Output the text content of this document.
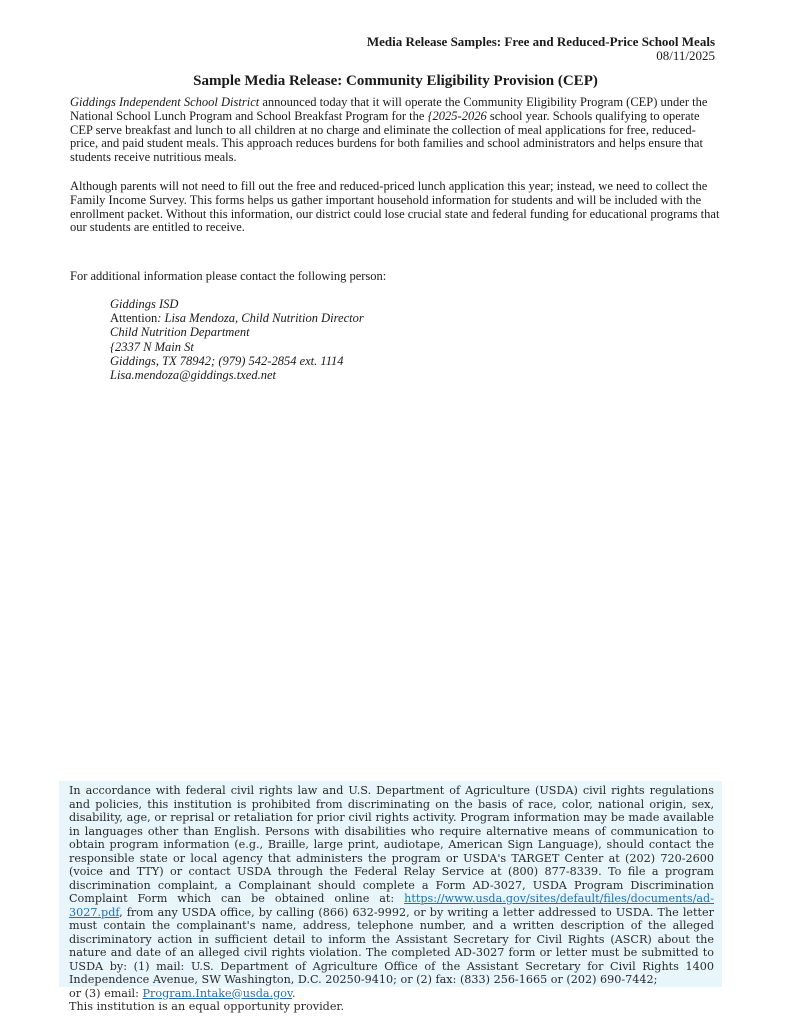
Media Release Samples: Free and Reduced-Price School Meals
08/11/2025
Sample Media Release: Community Eligibility Provision (CEP)
Giddings Independent School District announced today that it will operate the Community Eligibility Program (CEP) under the National School Lunch Program and School Breakfast Program for the {2025-2026 school year. Schools qualifying to operate CEP serve breakfast and lunch to all children at no charge and eliminate the collection of meal applications for free, reduced-price, and paid student meals. This approach reduces burdens for both families and school administrators and helps ensure that students receive nutritious meals.
Although parents will not need to fill out the free and reduced-priced lunch application this year; instead, we need to collect the Family Income Survey. This forms helps us gather important household information for students and will be included with the enrollment packet. Without this information, our district could lose crucial state and federal funding for educational programs that our students are entitled to receive.
For additional information please contact the following person:
Giddings ISD
Attention: Lisa Mendoza, Child Nutrition Director
Child Nutrition Department
{2337 N Main St
Giddings, TX 78942; (979) 542-2854 ext. 1114
Lisa.mendoza@giddings.txed.net
In accordance with federal civil rights law and U.S. Department of Agriculture (USDA) civil rights regulations and policies, this institution is prohibited from discriminating on the basis of race, color, national origin, sex, disability, age, or reprisal or retaliation for prior civil rights activity. Program information may be made available in languages other than English. Persons with disabilities who require alternative means of communication to obtain program information (e.g., Braille, large print, audiotape, American Sign Language), should contact the responsible state or local agency that administers the program or USDA's TARGET Center at (202) 720-2600 (voice and TTY) or contact USDA through the Federal Relay Service at (800) 877-8339. To file a program discrimination complaint, a Complainant should complete a Form AD-3027, USDA Program Discrimination Complaint Form which can be obtained online at: https://www.usda.gov/sites/default/files/documents/ad-3027.pdf, from any USDA office, by calling (866) 632-9992, or by writing a letter addressed to USDA. The letter must contain the complainant's name, address, telephone number, and a written description of the alleged discriminatory action in sufficient detail to inform the Assistant Secretary for Civil Rights (ASCR) about the nature and date of an alleged civil rights violation. The completed AD-3027 form or letter must be submitted to USDA by: (1) mail: U.S. Department of Agriculture Office of the Assistant Secretary for Civil Rights 1400 Independence Avenue, SW Washington, D.C. 20250-9410; or (2) fax: (833) 256-1665 or (202) 690-7442;
or (3) email: Program.Intake@usda.gov.
This institution is an equal opportunity provider.
